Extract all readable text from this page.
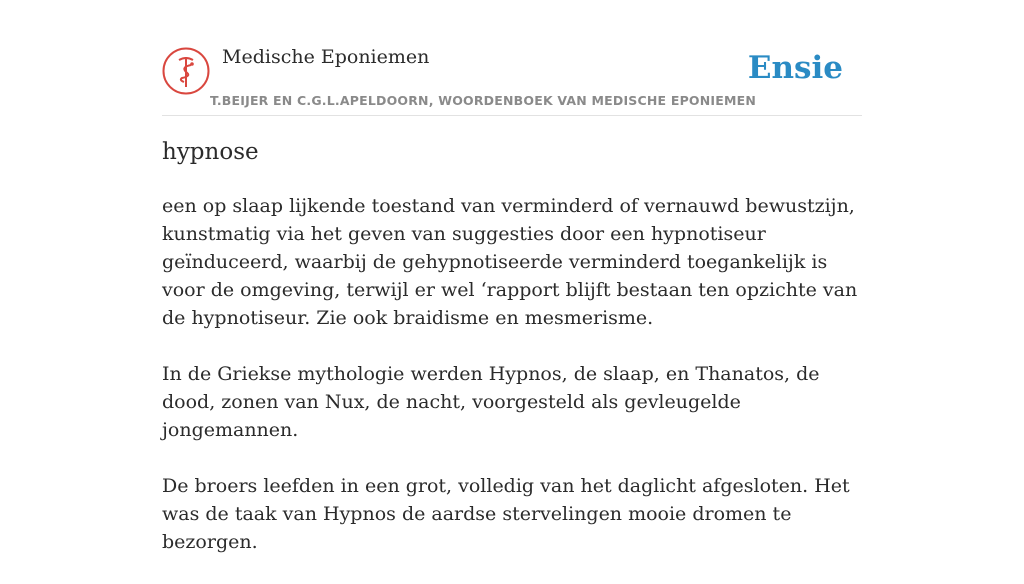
Medische Eponiemen
T.BEIJER EN C.G.L.APELDOORN, WOORDENBOEK VAN MEDISCHE EPONIEMEN
Ensie
hypnose

een op slaap lijkende toestand van verminderd of vernauwd bewustzijn, kunstmatig via het geven van suggesties door een hypnotiseur geïnduceerd, waarbij de gehypnotiseerde verminderd toegankelijk is voor de omgeving, terwijl er wel ‘rapport blijft bestaan ten opzichte van de hypnotiseur. Zie ook braidisme en mesmerisme.

In de Griekse mythologie werden Hypnos, de slaap, en Thanatos, de dood, zonen van Nux, de nacht, voorgesteld als gevleugelde jongemannen.

De broers leefden in een grot, volledig van het daglicht afgesloten. Het was de taak van Hypnos de aardse stervelingen mooie dromen te bezorgen.
